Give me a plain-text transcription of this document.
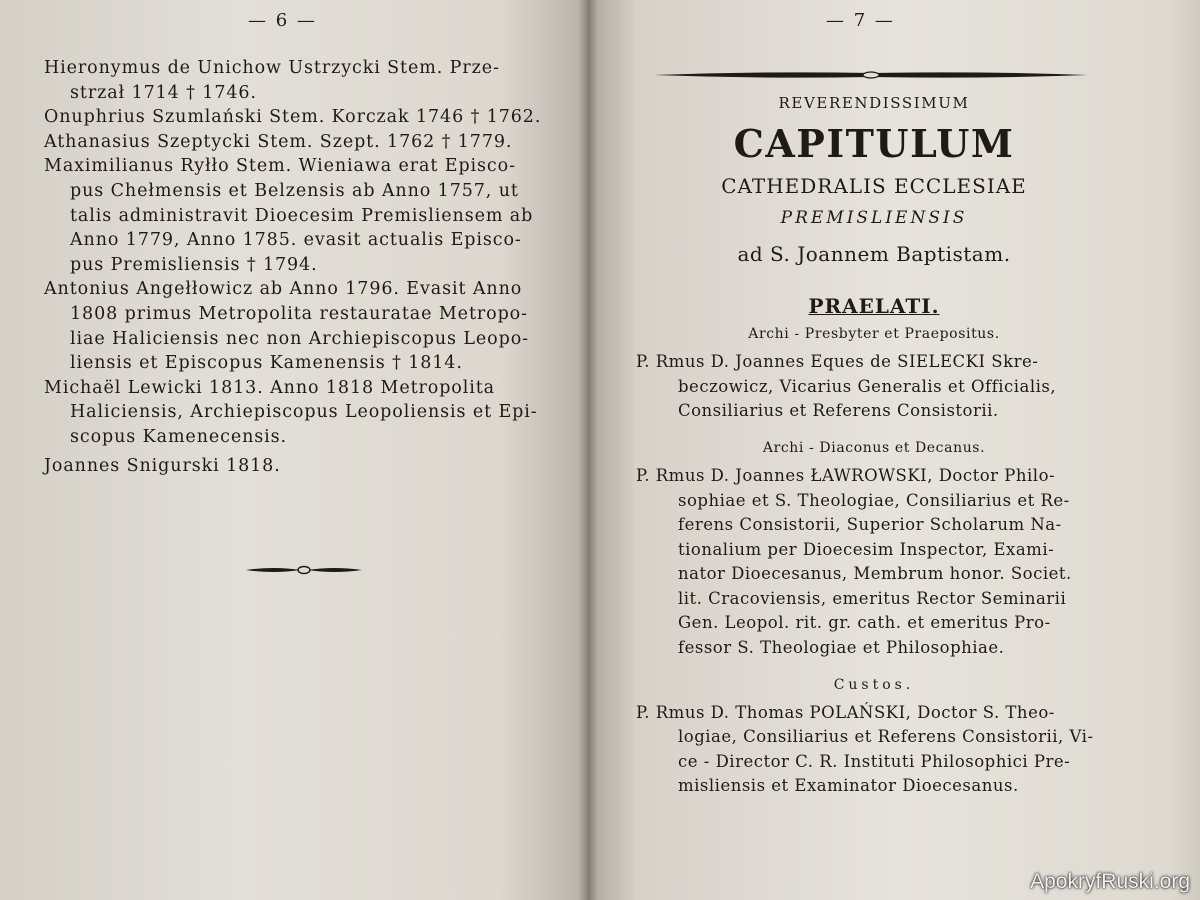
— 6 —

Hieronymus de Unichow Ustrzycki Stem. Prze-
strzał 1714 † 1746.

Onuphrius Szumlański Stem. Korczak 1746 † 1762.

Athanasius Szeptycki Stem. Szept. 1762 † 1779.

Maximilianus Ryłło Stem. Wieniawa erat Episco-
pus Chełmensis et Belzensis ab Anno 1757, ut
talis administravit Dioecesim Premisliensem ab
Anno 1779, Anno 1785. evasit actualis Episco-
pus Premisliensis † 1794.

Antonius Angełłowicz ab Anno 1796. Evasit Anno
1808 primus Metropolita restauratae Metropo-
liae Haliciensis nec non Archiepiscopus Leopo-
liensis et Episcopus Kamenensis † 1814.

Michaël Lewicki 1813. Anno 1818 Metropolita
Haliciensis, Archiepiscopus Leopoliensis et Epi-
scopus Kamenecensis.

Joannes Snigurski 1818.

— 7 —
REVERENDISSIMUM
CAPITULUM
CATHEDRALIS ECCLESIAE
PREMISLIENSIS
ad S. Joannem Baptistam.
PRAELATI.
Archi - Presbyter et Praepositus.

P. Rmus D. Joannes Eques de SIELECKI Skre-
beczowicz, Vicarius Generalis et Officialis,
Consiliarius et Referens Consistorii.

Archi - Diaconus et Decanus.

P. Rmus D. Joannes ŁAWROWSKI, Doctor Philo-
sophiae et S. Theologiae, Consiliarius et Re-
ferens Consistorii, Superior Scholarum Na-
tionalium per Dioecesim Inspector, Exami-
nator Dioecesanus, Membrum honor. Societ.
lit. Cracoviensis, emeritus Rector Seminarii
Gen. Leopol. rit. gr. cath. et emeritus Pro-
fessor S. Theologiae et Philosophiae.

Custos.

P. Rmus D. Thomas POLAŃSKI, Doctor S. Theo-
logiae, Consiliarius et Referens Consistorii, Vi-
ce - Director C. R. Instituti Philosophici Pre-
misliensis et Examinator Dioecesanus.

ApokryfRuski.org
